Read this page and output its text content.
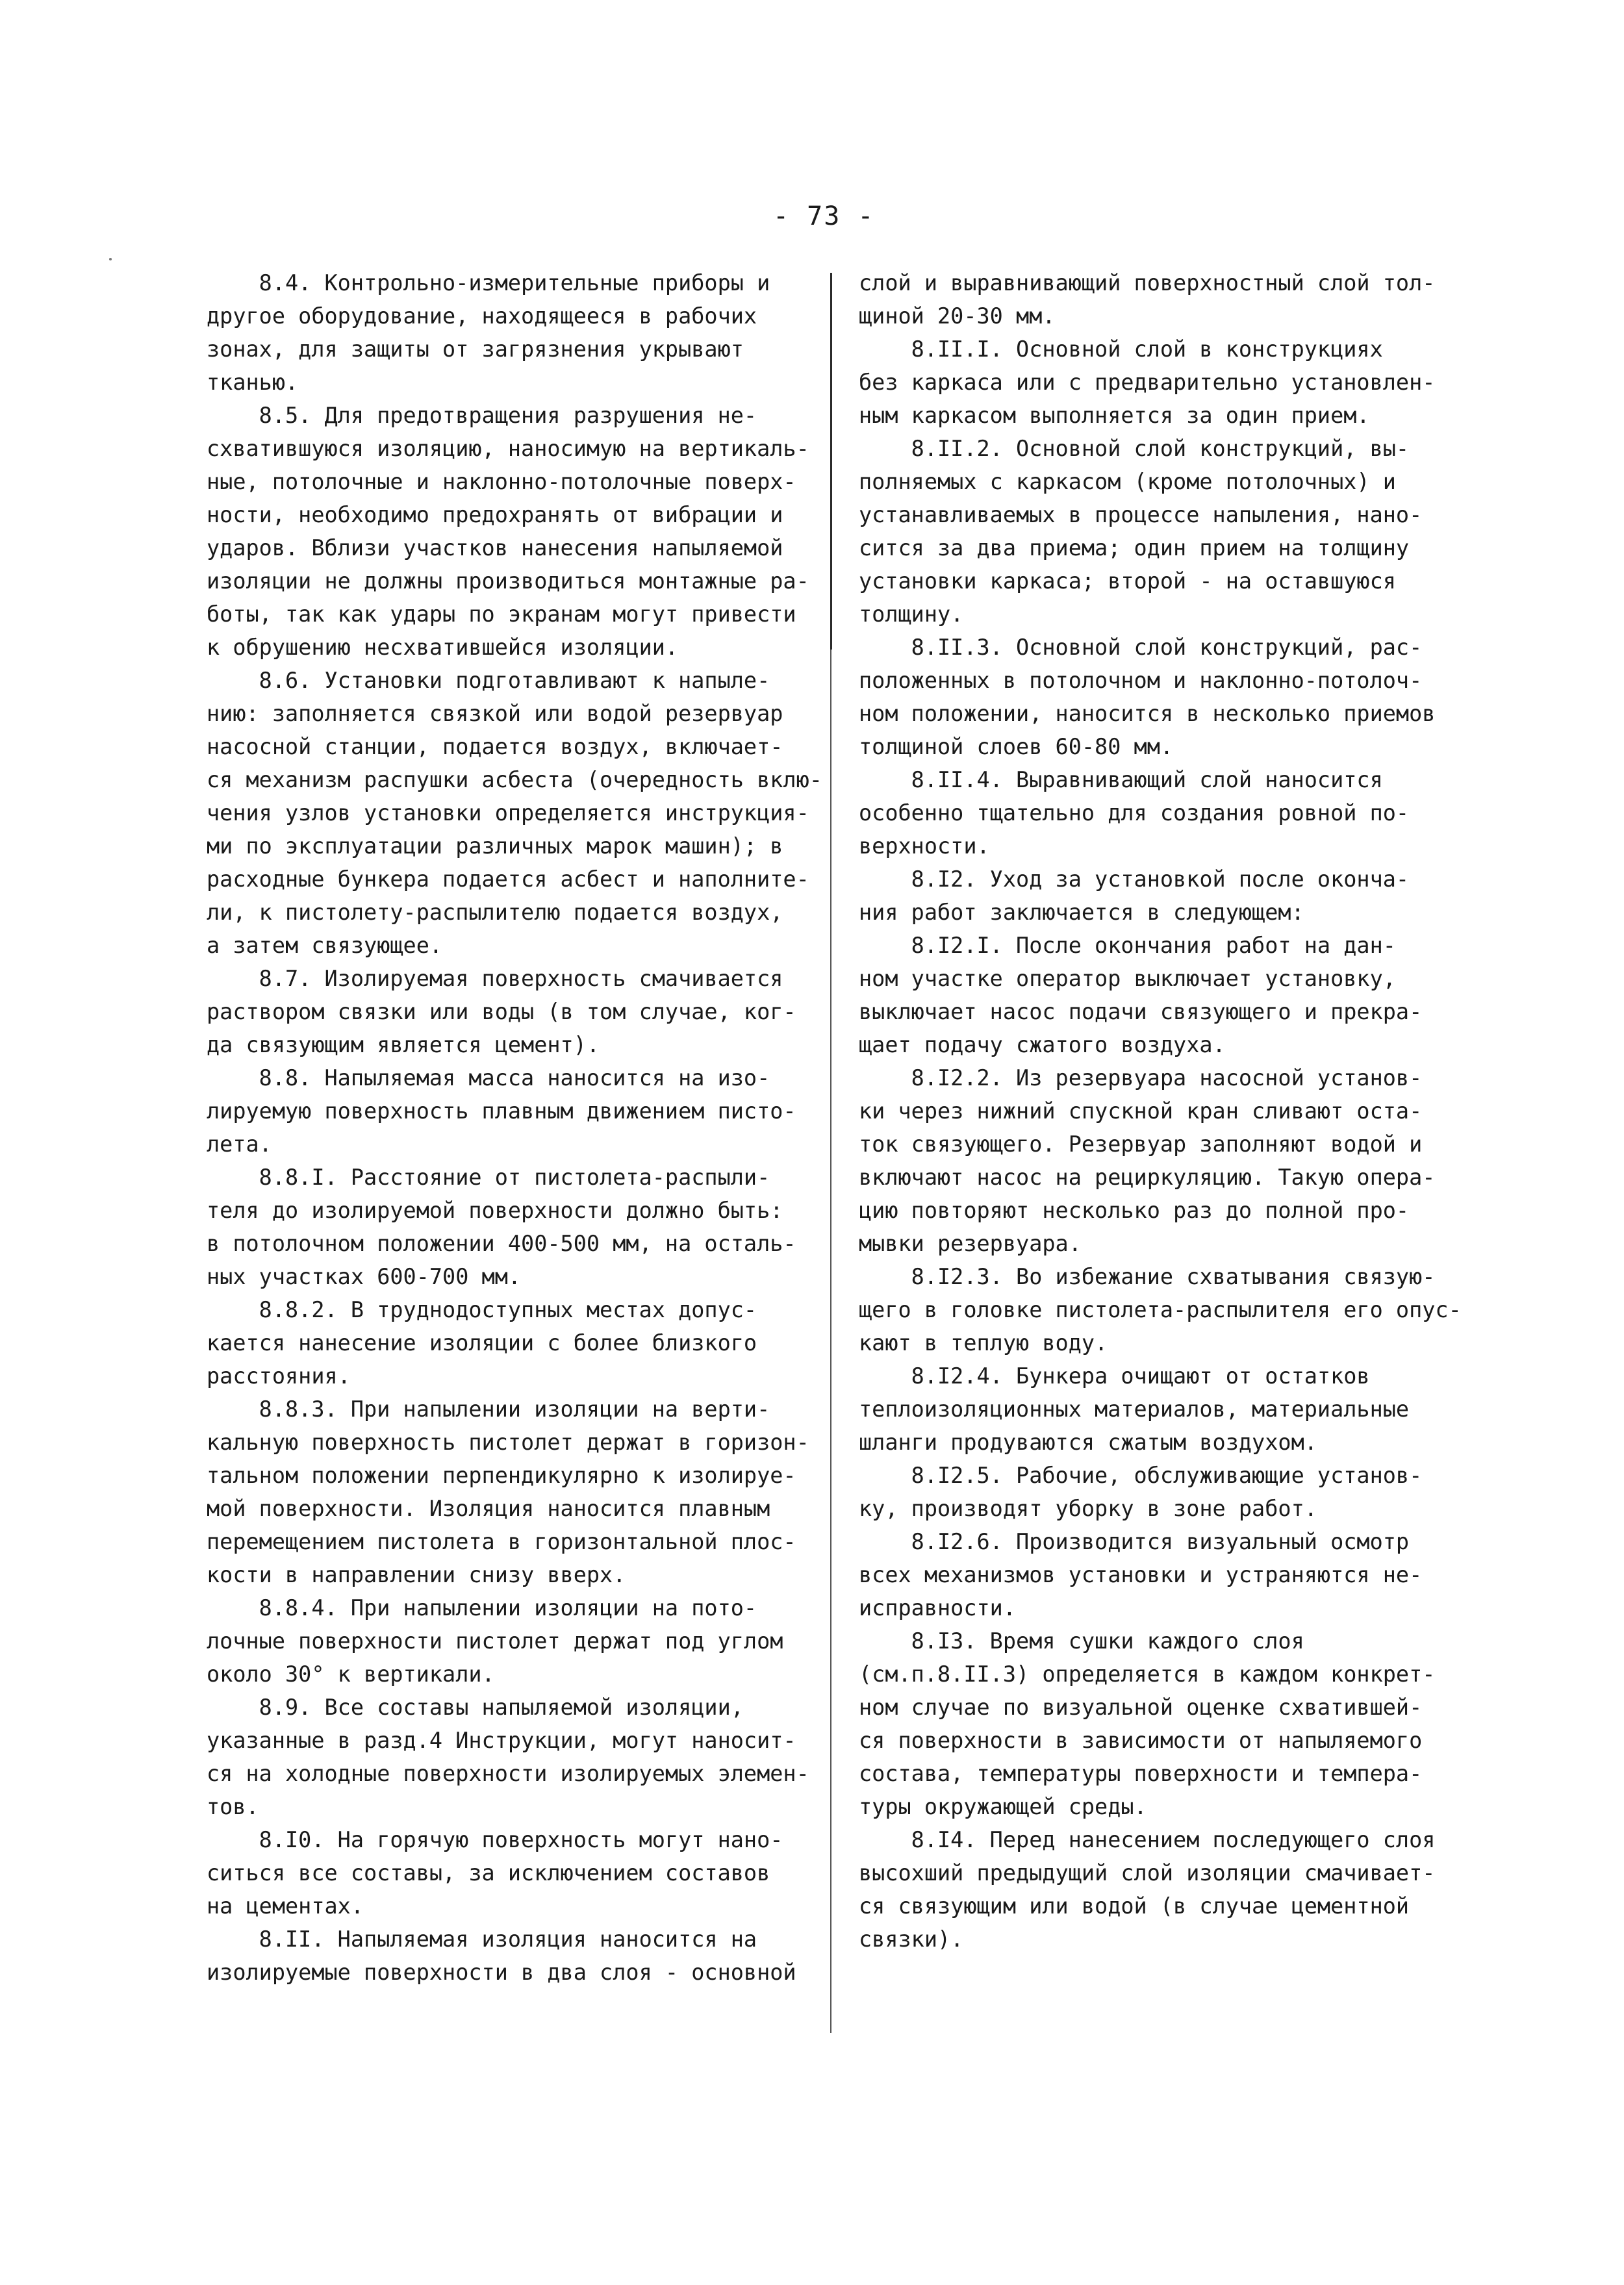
- 73 -
8.4. Контрольно-измерительные приборы и
другое оборудование, находящееся в рабочих
зонах, для защиты от загрязнения укрывают
тканью.
8.5. Для предотвращения разрушения не-
схватившуюся изоляцию, наносимую на вертикаль-
ные, потолочные и наклонно-потолочные поверх-
ности, необходимо предохранять от вибрации и
ударов. Вблизи участков нанесения напыляемой
изоляции не должны производиться монтажные ра-
боты, так как удары по экранам могут привести
к обрушению несхватившейся изоляции.
8.6. Установки подготавливают к напыле-
нию: заполняется связкой или водой резервуар
насосной станции, подается воздух, включает-
ся механизм распушки асбеста (очередность вклю-
чения узлов установки определяется инструкция-
ми по эксплуатации различных марок машин); в
расходные бункера подается асбест и наполните-
ли, к пистолету-распылителю подается воздух,
а затем связующее.
8.7. Изолируемая поверхность смачивается
раствором связки или воды (в том случае, ког-
да связующим является цемент).
8.8. Напыляемая масса наносится на изо-
лируемую поверхность плавным движением писто-
лета.
8.8.I. Расстояние от пистолета-распыли-
теля до изолируемой поверхности должно быть:
в потолочном положении 400-500 мм, на осталь-
ных участках 600-700 мм.
8.8.2. В труднодоступных местах допус-
кается нанесение изоляции с более близкого
расстояния.
8.8.3. При напылении изоляции на верти-
кальную поверхность пистолет держат в горизон-
тальном положении перпендикулярно к изолируе-
мой поверхности. Изоляция наносится плавным
перемещением пистолета в горизонтальной плос-
кости в направлении снизу вверх.
8.8.4. При напылении изоляции на пото-
лочные поверхности пистолет держат под углом
около 30° к вертикали.
8.9. Все составы напыляемой изоляции,
указанные в разд.4 Инструкции, могут наносит-
ся на холодные поверхности изолируемых элемен-
тов.
8.I0. На горячую поверхность могут нано-
ситься все составы, за исключением составов
на цементах.
8.II. Напыляемая изоляция наносится на
изолируемые поверхности в два слоя - основной
слой и выравнивающий поверхностный слой тол-
щиной 20-30 мм.
8.II.I. Основной слой в конструкциях
без каркаса или с предварительно установлен-
ным каркасом выполняется за один прием.
8.II.2. Основной слой конструкций, вы-
полняемых с каркасом (кроме потолочных) и
устанавливаемых в процессе напыления, нано-
сится за два приема; один прием на толщину
установки каркаса; второй - на оставшуюся
толщину.
8.II.3. Основной слой конструкций, рас-
положенных в потолочном и наклонно-потолоч-
ном положении, наносится в несколько приемов
толщиной слоев 60-80 мм.
8.II.4. Выравнивающий слой наносится
особенно тщательно для создания ровной по-
верхности.
8.I2. Уход за установкой после оконча-
ния работ заключается в следующем:
8.I2.I. После окончания работ на дан-
ном участке оператор выключает установку,
выключает насос подачи связующего и прекра-
щает подачу сжатого воздуха.
8.I2.2. Из резервуара насосной установ-
ки через нижний спускной кран сливают оста-
ток связующего. Резервуар заполняют водой и
включают насос на рециркуляцию. Такую опера-
цию повторяют несколько раз до полной про-
мывки резервуара.
8.I2.3. Во избежание схватывания связую-
щего в головке пистолета-распылителя его опус-
кают в теплую воду.
8.I2.4. Бункера очищают от остатков
теплоизоляционных материалов, материальные
шланги продуваются сжатым воздухом.
8.I2.5. Рабочие, обслуживающие установ-
ку, производят уборку в зоне работ.
8.I2.6. Производится визуальный осмотр
всех механизмов установки и устраняются не-
исправности.
8.I3. Время сушки каждого слоя
(см.п.8.II.3) определяется в каждом конкрет-
ном случае по визуальной оценке схватившей-
ся поверхности в зависимости от напыляемого
состава, температуры поверхности и темпера-
туры окружающей среды.
8.I4. Перед нанесением последующего слоя
высохший предыдущий слой изоляции смачивает-
ся связующим или водой (в случае цементной
связки).
